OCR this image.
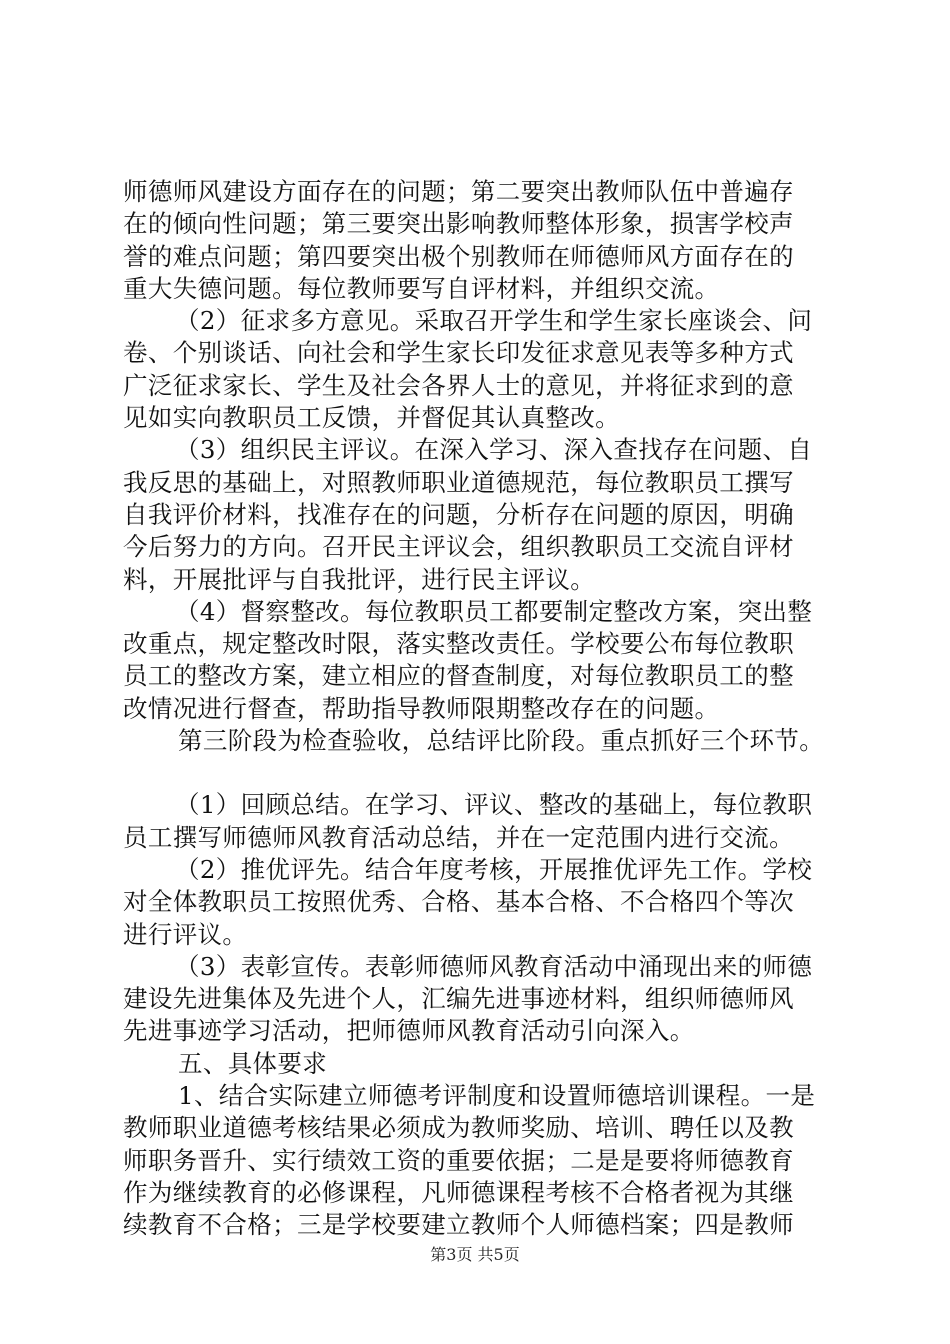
师德师风建设方面存在的问题；第二要突出教师队伍中普遍存
在的倾向性问题；第三要突出影响教师整体形象，损害学校声
誉的难点问题；第四要突出极个别教师在师德师风方面存在的
重大失德问题。每位教师要写自评材料，并组织交流。
（2）征求多方意见。采取召开学生和学生家长座谈会、问
卷、个别谈话、向社会和学生家长印发征求意见表等多种方式
广泛征求家长、学生及社会各界人士的意见，并将征求到的意
见如实向教职员工反馈，并督促其认真整改。
（3）组织民主评议。在深入学习、深入查找存在问题、自
我反思的基础上，对照教师职业道德规范，每位教职员工撰写
自我评价材料，找准存在的问题，分析存在问题的原因，明确
今后努力的方向。召开民主评议会，组织教职员工交流自评材
料，开展批评与自我批评，进行民主评议。
（4）督察整改。每位教职员工都要制定整改方案，突出整
改重点，规定整改时限，落实整改责任。学校要公布每位教职
员工的整改方案，建立相应的督查制度，对每位教职员工的整
改情况进行督查，帮助指导教师限期整改存在的问题。
第三阶段为检查验收，总结评比阶段。重点抓好三个环节。
（1）回顾总结。在学习、评议、整改的基础上，每位教职
员工撰写师德师风教育活动总结，并在一定范围内进行交流。
（2）推优评先。结合年度考核，开展推优评先工作。学校
对全体教职员工按照优秀、合格、基本合格、不合格四个等次
进行评议。
（3）表彰宣传。表彰师德师风教育活动中涌现出来的师德
建设先进集体及先进个人，汇编先进事迹材料，组织师德师风
先进事迹学习活动，把师德师风教育活动引向深入。
五、具体要求
1、结合实际建立师德考评制度和设置师德培训课程。一是
教师职业道德考核结果必须成为教师奖励、培训、聘任以及教
师职务晋升、实行绩效工资的重要依据；二是是要将师德教育
作为继续教育的必修课程，凡师德课程考核不合格者视为其继
续教育不合格；三是学校要建立教师个人师德档案；四是教师
第3页 共5页
